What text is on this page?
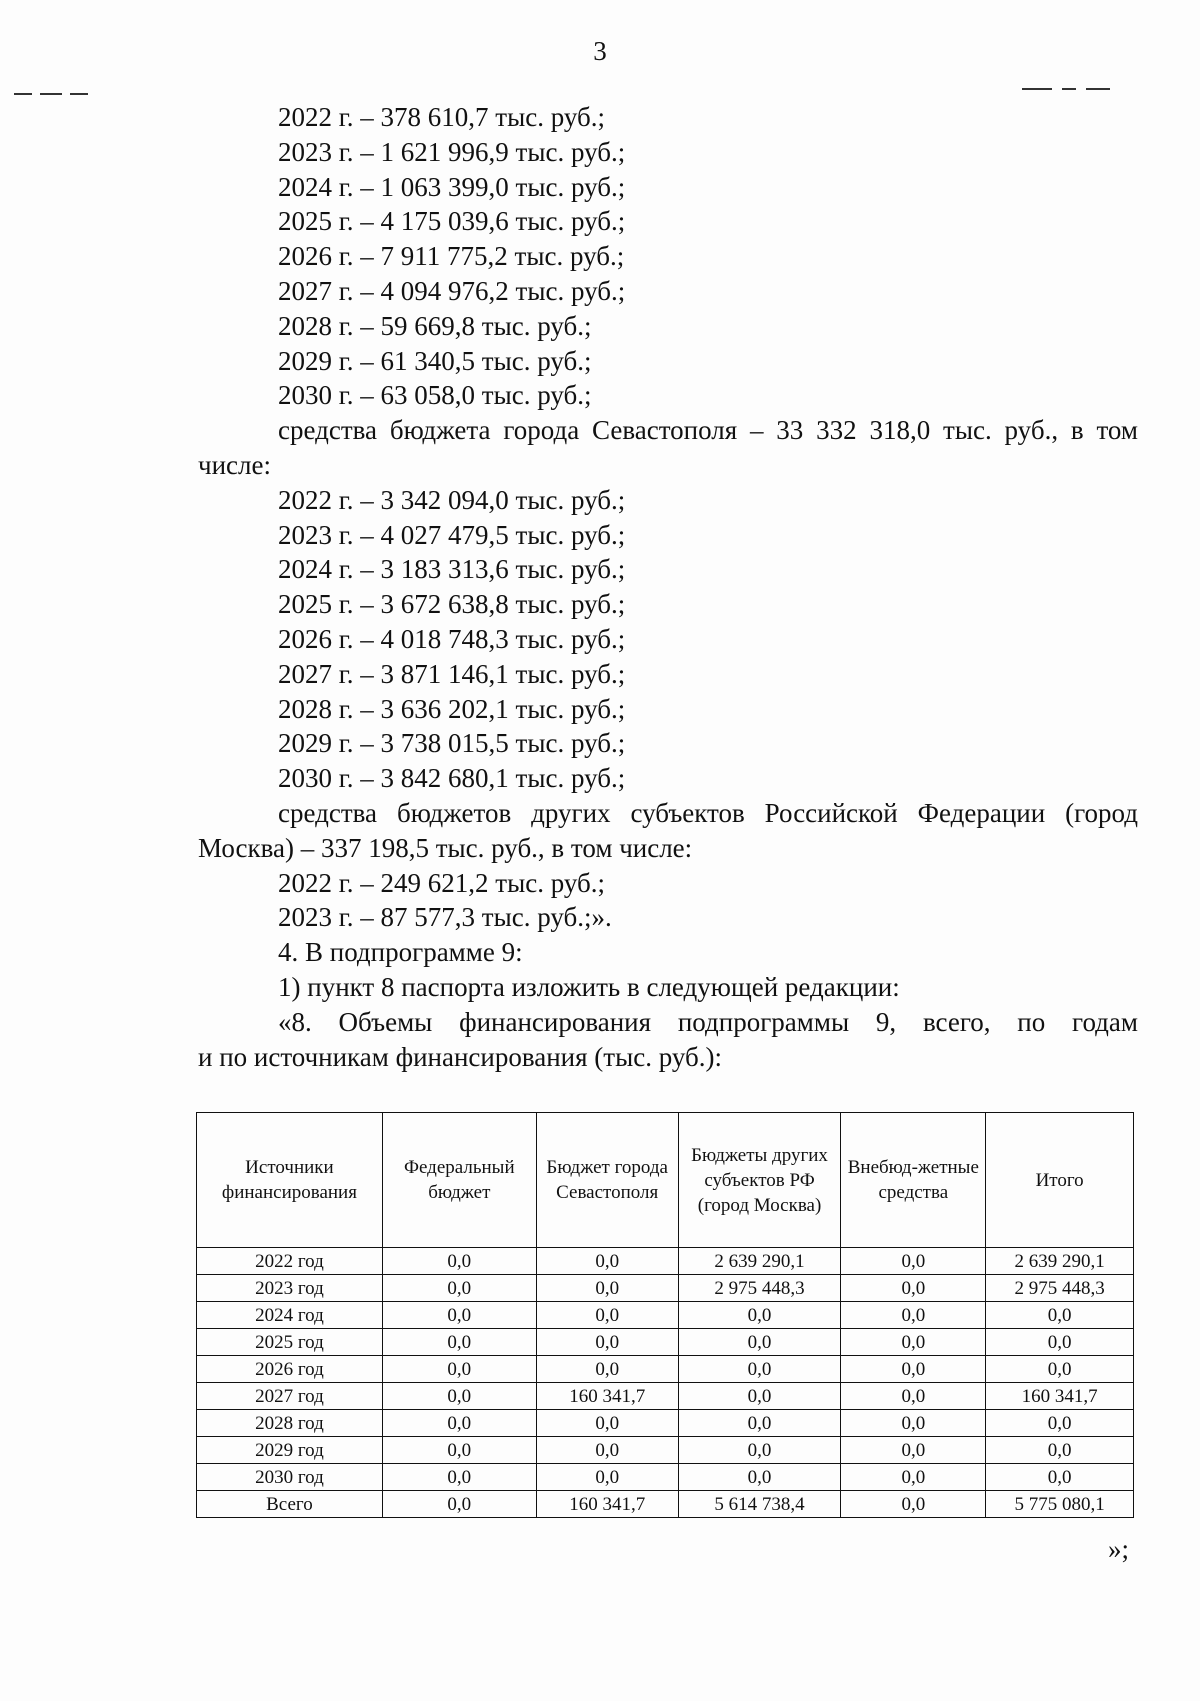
3
2022 г. – 378 610,7 тыс. руб.;
2023 г. – 1 621 996,9 тыс. руб.;
2024 г. – 1 063 399,0 тыс. руб.;
2025 г. – 4 175 039,6 тыс. руб.;
2026 г. – 7 911 775,2 тыс. руб.;
2027 г. – 4 094 976,2 тыс. руб.;
2028 г. – 59 669,8 тыс. руб.;
2029 г. – 61 340,5 тыс. руб.;
2030 г. – 63 058,0 тыс. руб.;
средства бюджета города Севастополя – 33 332 318,0 тыс. руб., в том
числе:
2022 г. – 3 342 094,0 тыс. руб.;
2023 г. – 4 027 479,5 тыс. руб.;
2024 г. – 3 183 313,6 тыс. руб.;
2025 г. – 3 672 638,8 тыс. руб.;
2026 г. – 4 018 748,3 тыс. руб.;
2027 г. – 3 871 146,1 тыс. руб.;
2028 г. – 3 636 202,1 тыс. руб.;
2029 г. – 3 738 015,5 тыс. руб.;
2030 г. – 3 842 680,1 тыс. руб.;
средства бюджетов других субъектов Российской Федерации (город
Москва) – 337 198,5 тыс. руб., в том числе:
2022 г. – 249 621,2 тыс. руб.;
2023 г. – 87 577,3 тыс. руб.;».
4. В подпрограмме 9:
1) пункт 8 паспорта изложить в следующей редакции:
«8. Объемы финансирования подпрограммы 9, всего, по годам
и по источникам финансирования (тыс. руб.):
Источники финансирования	Федеральный бюджет	Бюджет города Севастополя	Бюджеты других субъектов РФ (город Москва)	Внебюд-жетные средства	Итого
2022 год	0,0	0,0	2 639 290,1	0,0	2 639 290,1
2023 год	0,0	0,0	2 975 448,3	0,0	2 975 448,3
2024 год	0,0	0,0	0,0	0,0	0,0
2025 год	0,0	0,0	0,0	0,0	0,0
2026 год	0,0	0,0	0,0	0,0	0,0
2027 год	0,0	160 341,7	0,0	0,0	160 341,7
2028 год	0,0	0,0	0,0	0,0	0,0
2029 год	0,0	0,0	0,0	0,0	0,0
2030 год	0,0	0,0	0,0	0,0	0,0
Всего	0,0	160 341,7	5 614 738,4	0,0	5 775 080,1
»;
